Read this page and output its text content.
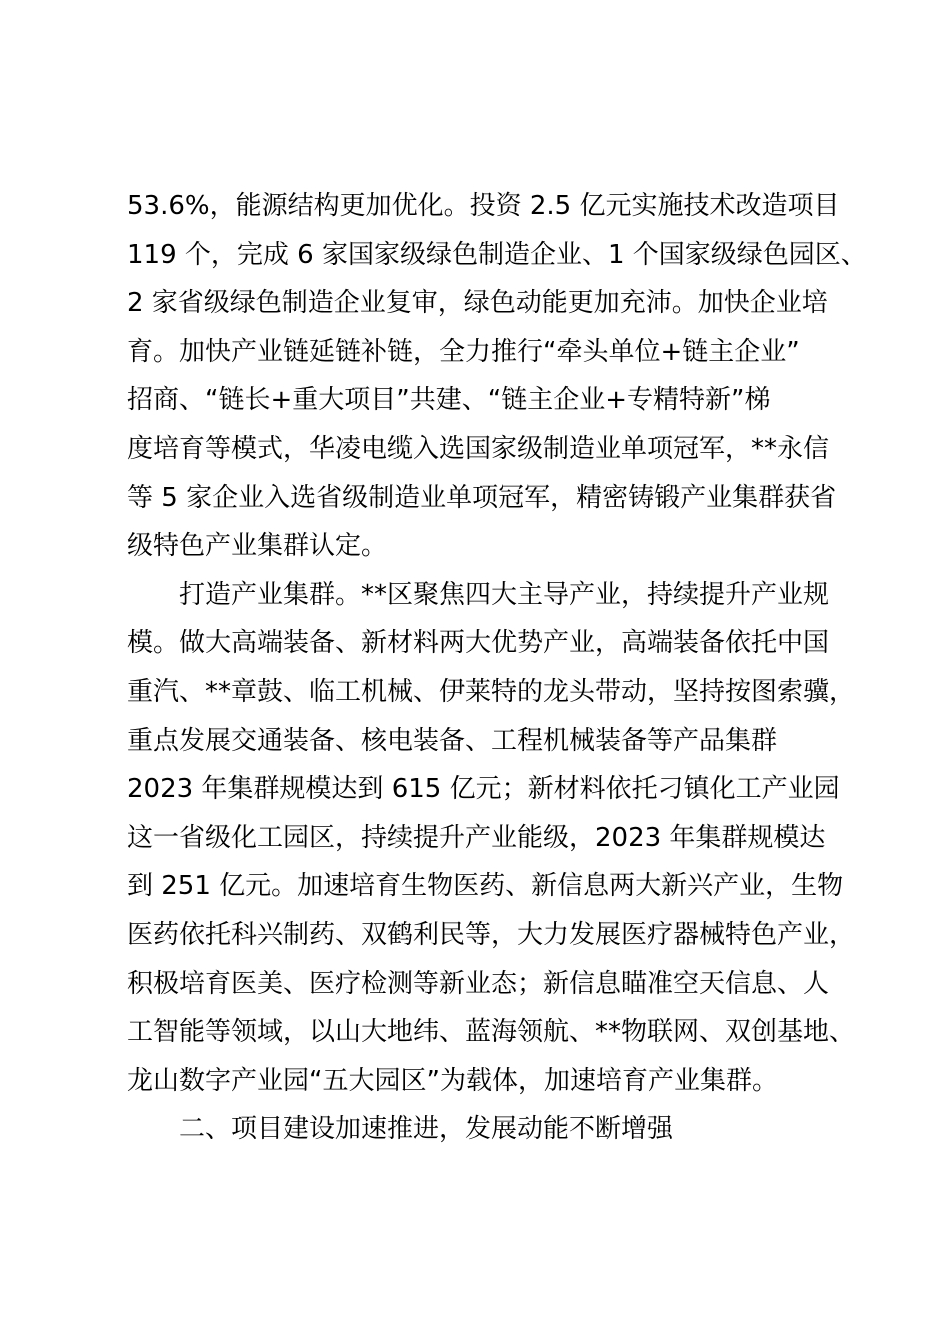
53.6%，能源结构更加优化。投资 2.5 亿元实施技术改造项目
119 个，完成 6 家国家级绿色制造企业、1 个国家级绿色园区、
2 家省级绿色制造企业复审，绿色动能更加充沛。加快企业培
育。加快产业链延链补链，全力推行“牵头单位+链主企业”
招商、“链长+重大项目”共建、“链主企业+专精特新”梯
度培育等模式，华凌电缆入选国家级制造业单项冠军，**永信
等 5 家企业入选省级制造业单项冠军，精密铸锻产业集群获省
级特色产业集群认定。

打造产业集群。**区聚焦四大主导产业，持续提升产业规
模。做大高端装备、新材料两大优势产业，高端装备依托中国
重汽、**章鼓、临工机械、伊莱特的龙头带动，坚持按图索骥，
重点发展交通装备、核电装备、工程机械装备等产品集群
2023 年集群规模达到 615 亿元；新材料依托刁镇化工产业园
这一省级化工园区，持续提升产业能级，2023 年集群规模达
到 251 亿元。加速培育生物医药、新信息两大新兴产业，生物
医药依托科兴制药、双鹤利民等，大力发展医疗器械特色产业，
积极培育医美、医疗检测等新业态；新信息瞄准空天信息、人
工智能等领域，以山大地纬、蓝海领航、**物联网、双创基地、
龙山数字产业园“五大园区”为载体，加速培育产业集群。

二、项目建设加速推进，发展动能不断增强
